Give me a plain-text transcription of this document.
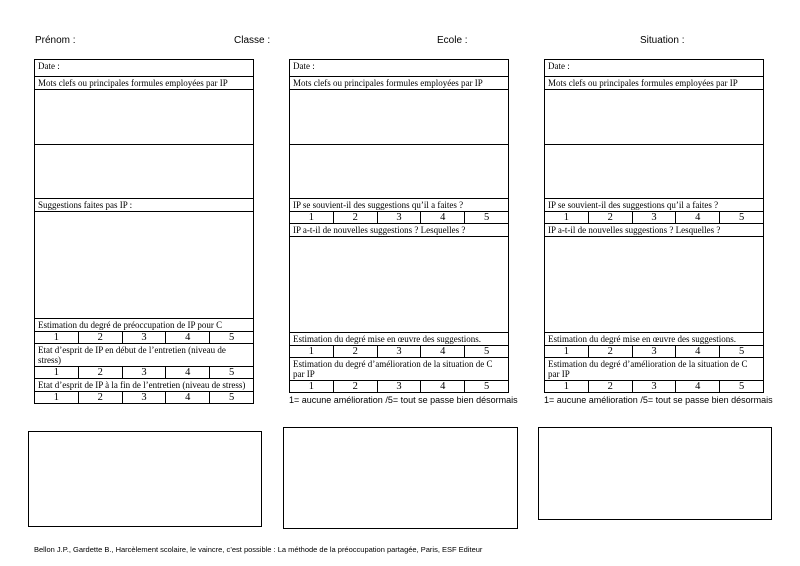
Prénom :	Classe :	Ecole :	Situation :
Date :				
Mots clefs ou principales formules employées par IP				

Suggestions faites pas IP :				

Estimation du degré de préoccupation de IP pour C				
1	2	3	4	5
Etat d’esprit de IP en début de l’entretien (niveau de stress)				
1	2	3	4	5
Etat d’esprit de IP à la fin de l’entretien (niveau de stress)				
1	2	3	4	5
Date :				
Mots clefs ou principales formules employées par IP				

IP se souvient-il des suggestions qu’il a faites ?				
1	2	3	4	5
IP a-t-il de nouvelles suggestions ? Lesquelles ?				

Estimation du degré mise en œuvre des suggestions.				
1	2	3	4	5
Estimation du degré d’amélioration de la situation de C par IP				
1	2	3	4	5
1= aucune amélioration /5= tout se passe bien désormais
Date :				
Mots clefs ou principales formules employées par IP				

IP se souvient-il des suggestions qu’il a faites ?				
1	2	3	4	5
IP a-t-il de nouvelles suggestions ? Lesquelles ?				

Estimation du degré mise en œuvre des suggestions.				
1	2	3	4	5
Estimation du degré d’amélioration de la situation de C par IP				
1	2	3	4	5
1= aucune amélioration /5= tout se passe bien désormais
Bellon J.P., Gardette B., Harcèlement scolaire, le vaincre, c’est possible : La méthode de la préoccupation partagée, Paris, ESF Editeur
